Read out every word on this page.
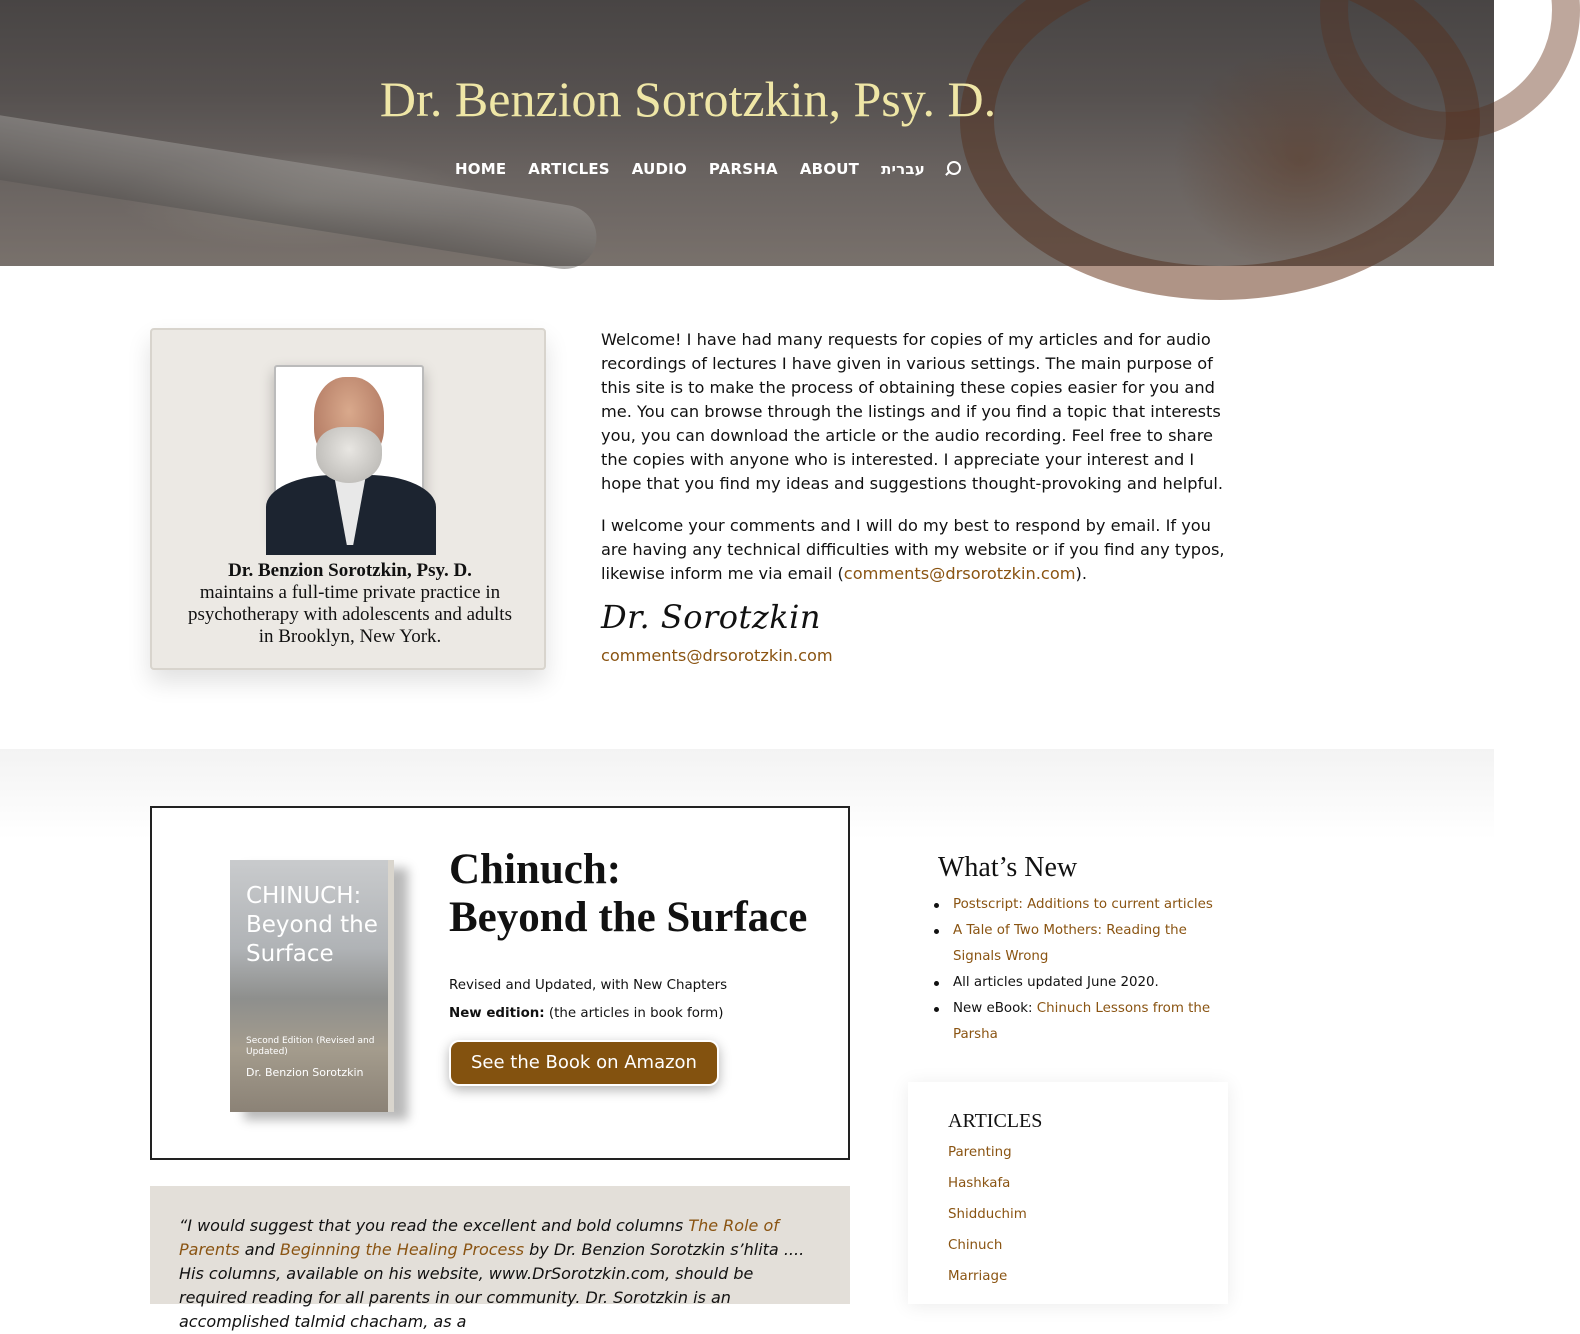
Dr. Benzion Sorotzkin, Psy. D.
HOME ARTICLES AUDIO PARSHA ABOUT עברית
Dr. Benzion Sorotzkin, Psy. D.
maintains a full-time private practice in psychotherapy with adolescents and adults in Brooklyn, New York.

Welcome! I have had many requests for copies of my articles and for audio recordings of lectures I have given in various settings. The main purpose of this site is to make the process of obtaining these copies easier for you and me. You can browse through the listings and if you find a topic that interests you, you can download the article or the audio recording. Feel free to share the copies with anyone who is interested. I appreciate your interest and I hope that you find my ideas and suggestions thought-provoking and helpful.

I welcome your comments and I will do my best to respond by email. If you are having any technical difficulties with my website or if you find any typos, likewise inform me via email (comments@drsorotzkin.com).

Dr. Sorotzkin
comments@drsorotzkin.com
CHINUCH: Beyond the Surface
Second Edition (Revised and Updated)
Dr. Benzion Sorotzkin
Chinuch:
Beyond the Surface
Revised and Updated, with New Chapters
New edition: (the articles in book form)
See the Book on Amazon
“I would suggest that you read the excellent and bold columns The Role of Parents and Beginning the Healing Process by Dr. Benzion Sorotzkin s’hlita .... His columns, available on his website, www.DrSorotzkin.com, should be required reading for all parents in our community. Dr. Sorotzkin is an accomplished talmid chacham, as a
What’s New
Postscript: Additions to current articles
A Tale of Two Mothers: Reading the Signals Wrong
All articles updated June 2020.
New eBook: Chinuch Lessons from the Parsha
ARTICLES
Parenting
Hashkafa
Shidduchim
Chinuch
Marriage
